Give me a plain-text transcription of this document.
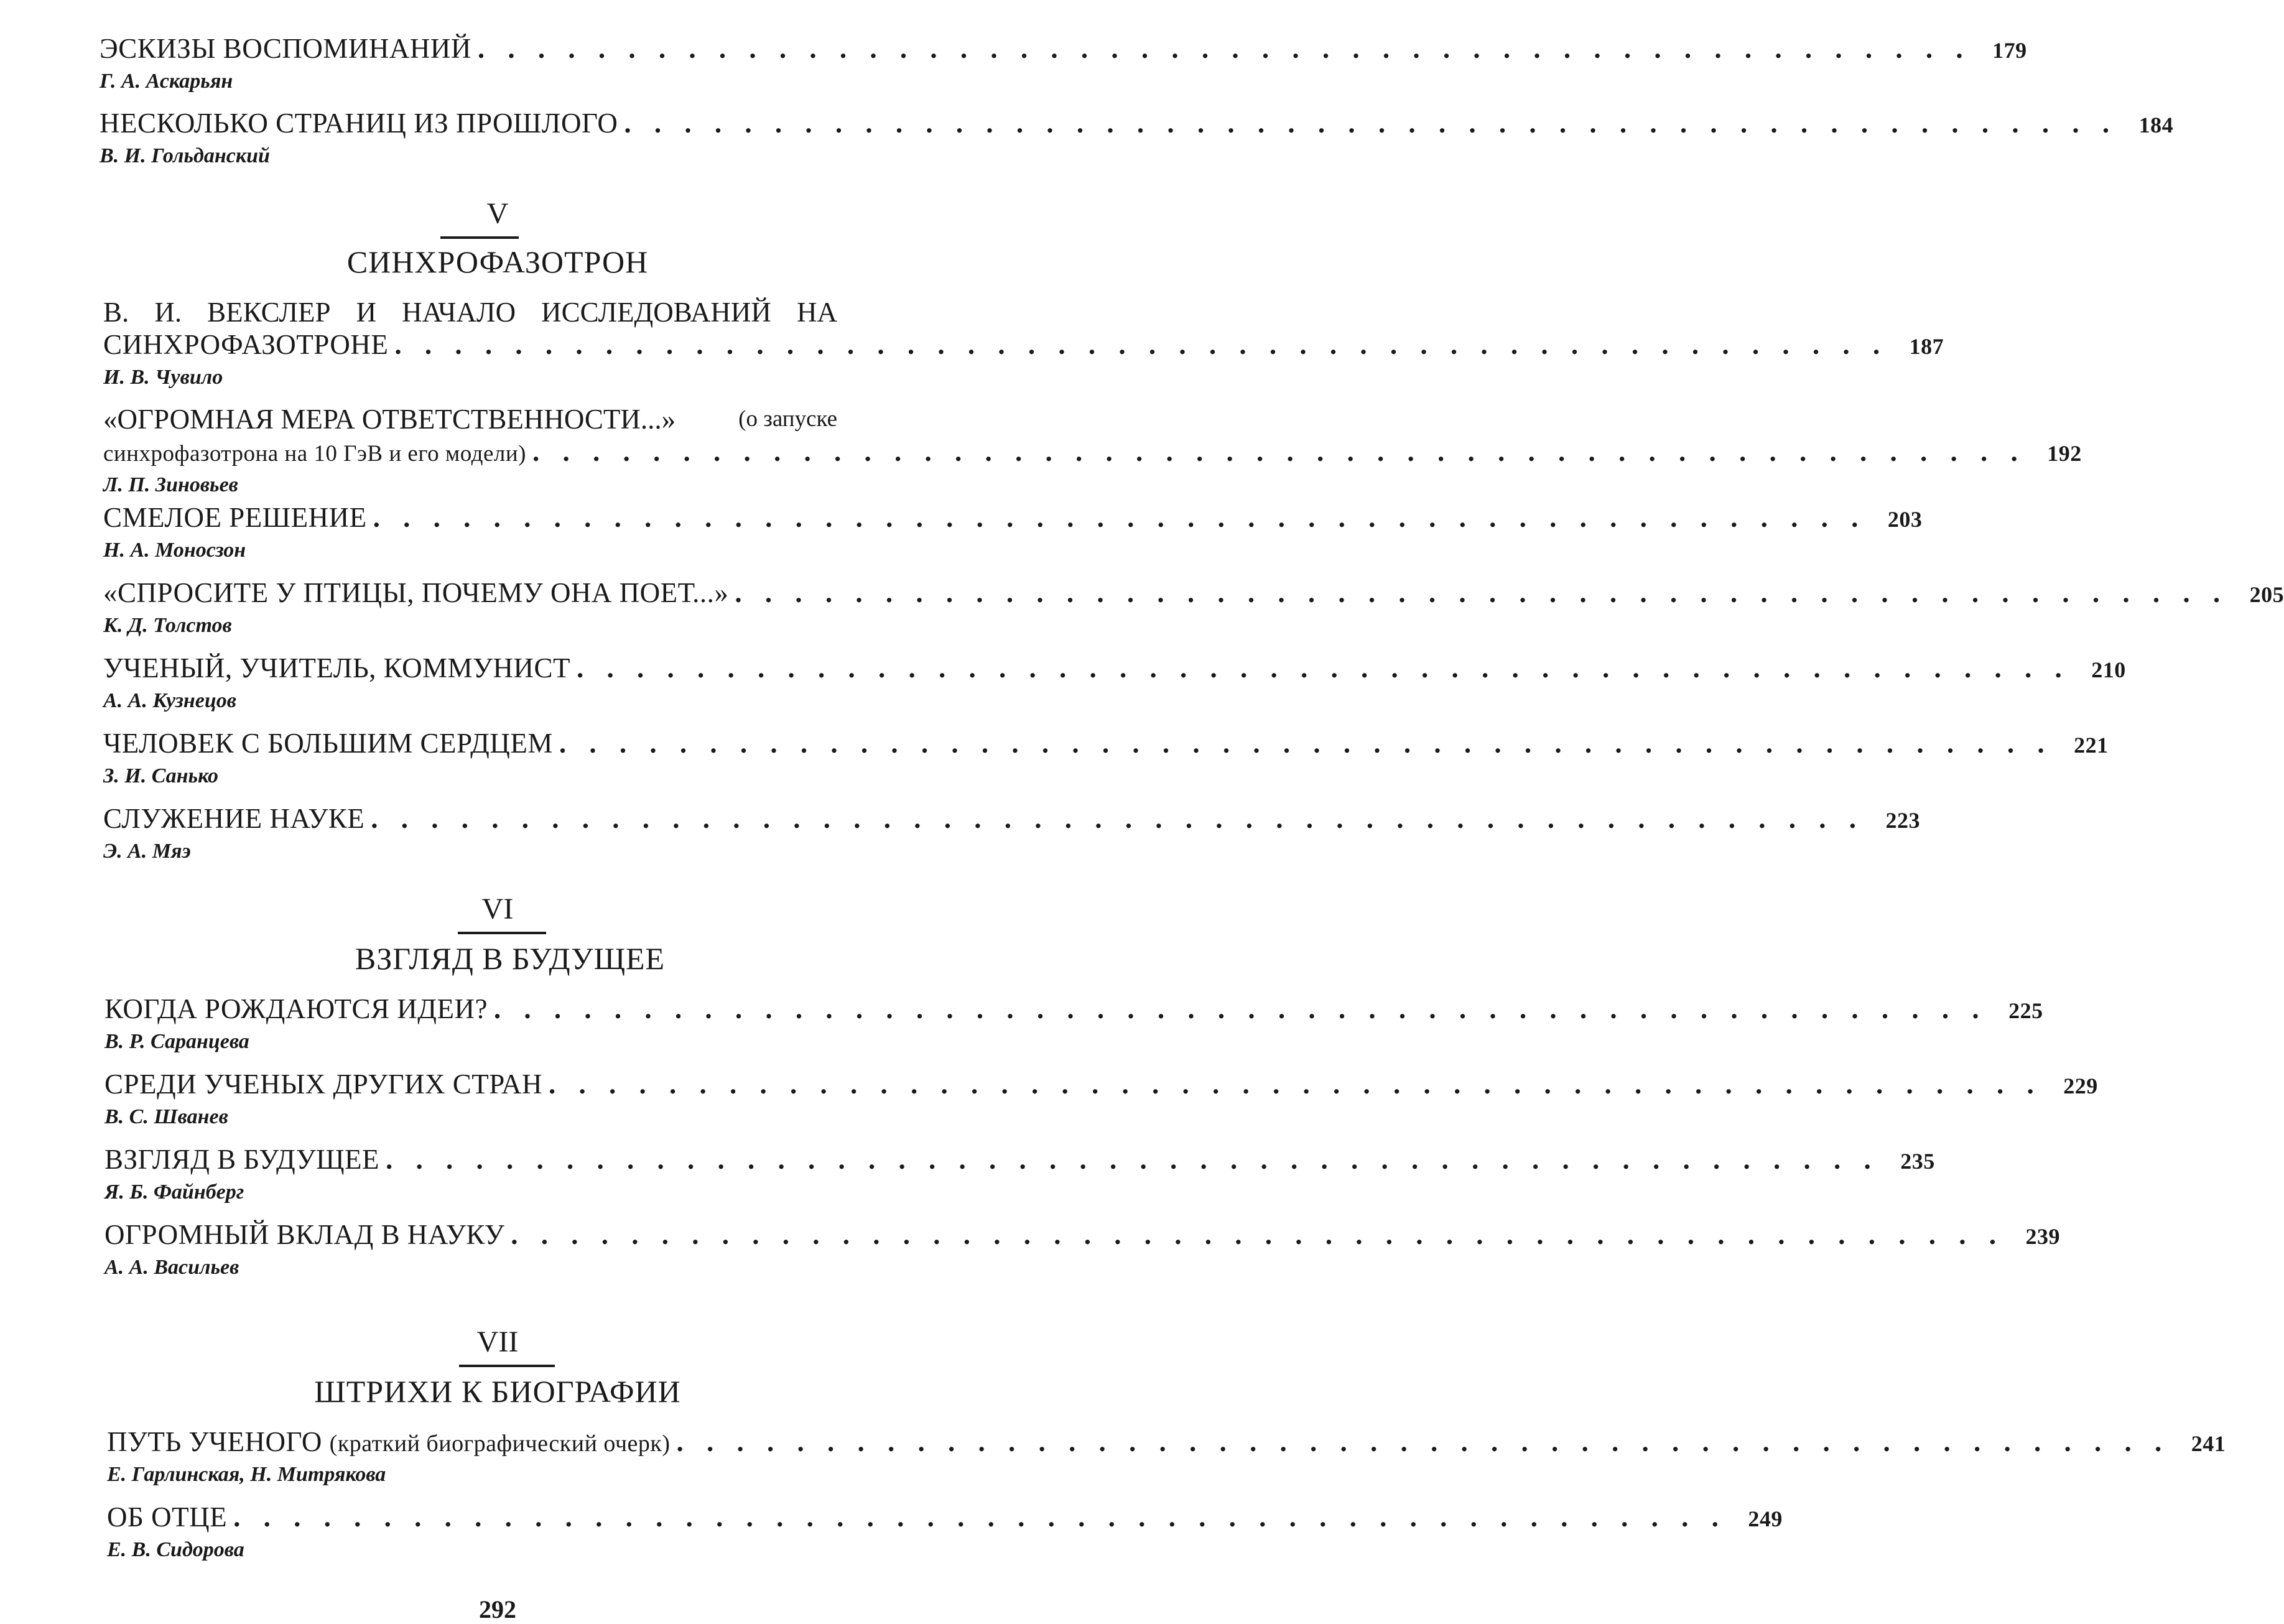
ЭСКИЗЫ ВОСПОМИНАНИЙ . . . . . . . . . . . . . . . . . . . . . . . . . . . . . . . . . . . . . . . . . . . . . . . . . . 179
Г. А. Аскарьян
НЕСКОЛЬКО СТРАНИЦ ИЗ ПРОШЛОГО . . . . . . . . . . . . . . . . . . . . . . . . . . . . . . . . . . . . . . . . . . . . . . . . . . 184
В. И. Гольданский
V
СИНХРОФАЗОТРОН
В. И. ВЕКСЛЕР И НАЧАЛО ИССЛЕДОВАНИЙ НА
СИНХРОФАЗОТРОНЕ . . . . . . . . . . . . . . . . . . . . . . . . . . . . . . . . . . . . . . . . . . . . . . . . . . 187
И. В. Чувило
«ОГРОМНАЯ МЕРА ОТВЕТСТВЕННОСТИ...»	(о запуске
синхрофазотрона на 10 ГэВ и его модели) . . . . . . . . . . . . . . . . . . . . . . . . . . . . . . . . . . . . . . . . . . . . . . . . . . 192
Л. П. Зиновьев
СМЕЛОЕ РЕШЕНИЕ . . . . . . . . . . . . . . . . . . . . . . . . . . . . . . . . . . . . . . . . . . . . . . . . . . 203
Н. А. Моносзон
«СПРОСИТЕ У ПТИЦЫ, ПОЧЕМУ ОНА ПОЕТ...» . . . . . . . . . . . . . . . . . . . . . . . . . . . . . . . . . . . . . . . . . . . . . . . . . . 205
К. Д. Толстов
УЧЕНЫЙ, УЧИТЕЛЬ, КОММУНИСТ . . . . . . . . . . . . . . . . . . . . . . . . . . . . . . . . . . . . . . . . . . . . . . . . . . 210
А. А. Кузнецов
ЧЕЛОВЕК С БОЛЬШИМ СЕРДЦЕМ . . . . . . . . . . . . . . . . . . . . . . . . . . . . . . . . . . . . . . . . . . . . . . . . . . 221
З. И. Санько
СЛУЖЕНИЕ НАУКЕ . . . . . . . . . . . . . . . . . . . . . . . . . . . . . . . . . . . . . . . . . . . . . . . . . . 223
Э. А. Мяэ
VI
ВЗГЛЯД В БУДУЩЕЕ
КОГДА РОЖДАЮТСЯ ИДЕИ? . . . . . . . . . . . . . . . . . . . . . . . . . . . . . . . . . . . . . . . . . . . . . . . . . . 225
В. Р. Саранцева
СРЕДИ УЧЕНЫХ ДРУГИХ СТРАН . . . . . . . . . . . . . . . . . . . . . . . . . . . . . . . . . . . . . . . . . . . . . . . . . . 229
В. С. Шванев
ВЗГЛЯД В БУДУЩЕЕ . . . . . . . . . . . . . . . . . . . . . . . . . . . . . . . . . . . . . . . . . . . . . . . . . . 235
Я. Б. Файнберг
ОГРОМНЫЙ ВКЛАД В НАУКУ . . . . . . . . . . . . . . . . . . . . . . . . . . . . . . . . . . . . . . . . . . . . . . . . . . 239
А. А. Васильев
VII
ШТРИХИ К БИОГРАФИИ
ПУТЬ УЧЕНОГО (краткий биографический очерк) . . . . . . . . . . . . . . . . . . . . . . . . . . . . . . . . . . . . . . . . . . . . . . . . . . 241
Е. Гарлинская, Н. Митрякова
ОБ ОТЦЕ . . . . . . . . . . . . . . . . . . . . . . . . . . . . . . . . . . . . . . . . . . . . . . . . . . 249
Е. В. Сидорова
292
